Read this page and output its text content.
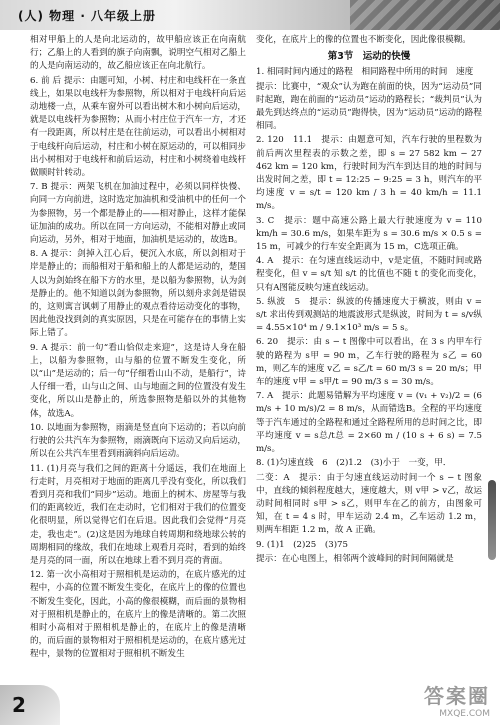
(人) 物理 · 八年级上册

相对甲船上的人是向北运动的，故甲船应该正在向南航行；乙船上的人看到的旗子向南飘，说明空气相对乙船上的人是向南运动的，故乙船应该正在向北航行。

6. 前 后 提示：由题可知，小树、村庄和电线杆在一条直线上，如果以电线杆为参照物，所以相对于电线杆向后运动地楼一点，从乘车窗外可以看出树木和小树向后运动，就是以电线杆为参照物；从而小村庄位于汽车一方，才还有一段距离，所以村庄是在往前运动，可以看出小树相对于电线杆向后运动，村庄和小树在原运动的，可以相同步出小树相对于电线杆和前后运动，村庄和小树绕着电线杆做顺时针转动。

7. B 提示：两架飞机在加油过程中，必须以同样快慢、向同一方向前进，这时选定加油机和受油机中的任何一个为参照物，另一个都是静止的——相对静止，这样才能保证加油的成功。所以在同一方向运动，不能相对静止或同向运动，另外，相对于地面，加油机是运动的，故选B。

8. A 提示：剑掉入江心后，便沉入水底，所以剑相对于岸是静止的；而船相对于船和船上的人都是运动的，楚国人以为剑始终在船下方的水里，是以船为参照物，认为剑是静止的。他不知道以剑为参照物，所以刻舟求剑是错误的，这则寓言讽刺了用静止的观点看待运动变化的事物，因此他没找到剑的真实原因，只是在可能存在的事情上实际上错了。

9. A 提示：前一句“看山恰似走来迎”，这是诗人身在船上，以船为参照物，山与船的位置不断发生变化，所以“山”是运动的；后一句“仔细看山山不动，是船行”，诗人仔细一看，山与山之间、山与地面之间的位置没有发生变化，所以山是静止的，所选参照物是船以外的其他物体，故选A。

10. 以地面为参照物，雨滴是竖直向下运动的；若以向前行驶的公共汽车为参照物，雨滴既向下运动又向后运动，所以在公共汽车里看到雨滴斜向后运动。

11. (1)月亮与我们之间的距离十分遥远，我们在地面上行走时，月亮相对于地面的距离几乎没有变化，所以我们看到月亮和我们“同步”运动。地面上的树木、房屋等与我们的距离较近，我们在走动时，它们相对于我们的位置变化很明显，所以觉得它们在后退。因此我们会觉得“月亮走，我也走”。(2)这是因为地球自转周期和绕地球公转的周期相同的缘故，我们在地球上观看月亮时，看到的始终是月亮的同一面，所以在地球上看不到月亮的背面。

12. 第一次小高相对于照相机是运动的，在底片感光的过程中，小高的位置不断发生变化，在底片上的像的位置也不断发生变化，因此，小高的像很模糊，而后面的景物相对于照相机是静止的，在底片上的像是清晰的。第二次照相时小高相对于照相机是静止的，在底片上的像是清晰的，而后面的景物相对于照相机是运动的，在底片感光过程中，景物的位置相对于照相机不断发生

变化，在底片上的像的位置也不断变化，因此像很模糊。

第3节　运动的快慢

1. 相同时间内通过的路程　相同路程中所用的时间　速度

提示：比赛中，“观众”认为跑在前面的快，因为“运动员”同时起跑，跑在前面的“运动员”运动的路程长；“裁判员”认为最先到达终点的“运动员”跑得快，因为“运动员”运动的路程相同。

2. 120　11.1　提示：由题意可知，汽车行驶的里程数为前后两次里程表的示数之差，即 s = 27 582 km − 27 462 km = 120 km，行驶时间为汽车到达目的地的时间与出发时间之差，即 t = 12:25 − 9:25 = 3 h，则汽车的平均速度 v = s/t = 120 km / 3 h = 40 km/h = 11.1 m/s。

3. C　提示：题中高速公路上最大行驶速度为 v = 110 km/h = 30.6 m/s，如果车距为 s = 30.6 m/s × 0.5 s = 15 m，可减少的行车安全距离为 15 m，C选项正确。

4. A　提示：在匀速直线运动中，v是定值，不随时间或路程变化，但 v = s/t 知 s/t 的比值也不随 t 的变化而变化，只有A图能反映匀速直线运动。

5. 纵波　5　提示：纵波的传播速度大于横波，则由 v = s/t 求出传到观测站的地震波形式是纵波，时间为 t = s/v纵 = 4.55×10⁴ m / 9.1×10³ m/s = 5 s。

6. 20　提示：由 s − t 图像中可以看出，在 3 s 内甲车行驶的路程为 s甲 = 90 m，乙车行驶的路程为 s乙 = 60 m，则乙车的速度 v乙 = s乙/t = 60 m/3 s = 20 m/s；甲车的速度 v甲 = s甲/t = 90 m/3 s = 30 m/s。

7. A　提示：此题易错解为平均速度 v = (v₁ + v₂)/2 = (6 m/s + 10 m/s)/2 = 8 m/s，从而错选B。全程的平均速度等于汽车通过的全路程和通过全路程所用的总时间之比，即平均速度 v = s总/t总 = 2×60 m / (10 s + 6 s) = 7.5 m/s。

8. (1)匀速直线　6　(2)1.2　(3)小于　一变，甲．

二变：A　提示：由于匀速直线运动时间一个 s − t 图象中，直线的倾斜程度越大，速度越大，则 v甲 > v乙，故运动时间相同时 s甲 > s乙，则甲车在乙的前方，由图象可知，在 t = 4 s 时，甲车运动 2.4 m，乙车运动 1.2 m，则两车相距 1.2 m，故 A 正确。

9. (1)1　(2)25　(3)75

提示：在心电图上，相邻两个波峰间的时间间隔就是

2	答案圈
MXQE.COM
